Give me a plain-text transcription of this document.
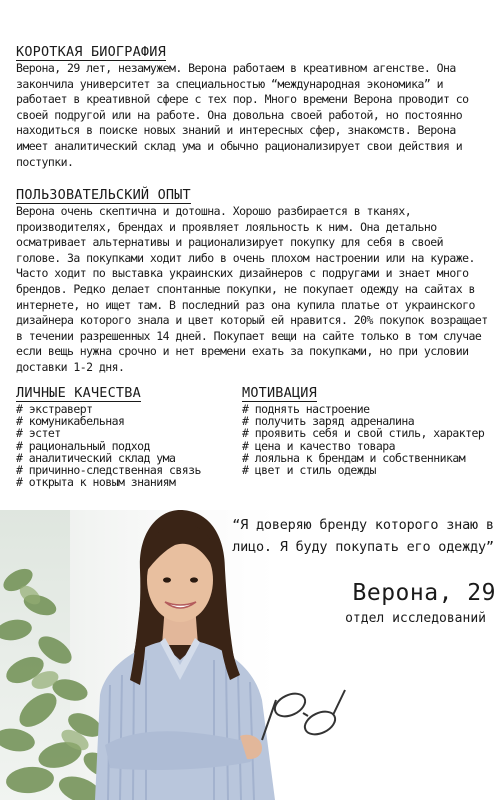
КОРОТКАЯ БИОГРАФИЯ

Верона, 29 лет, незамужем. Верона работаем в креативном агенстве. Она закончила университет за специальностью “международная экономика” и работает в креативной сфере с тех пор. Много времени Верона проводит со своей подругой или на работе. Она довольна своей работой, но постоянно находиться в поиске новых знаний и интересных сфер, знакомств. Верона имеет аналитический склад ума и обычно рационализирует свои действия и поступки.

ПОЛЬЗОВАТЕЛЬСКИЙ ОПЫТ

Верона очень скептична и дотошна. Хорошо разбирается в тканях, производителях, брендах и проявляет лояльность к ним. Она детально осматривает альтернативы и рационализирует покупку для себя в своей голове. За покупками ходит либо в очень плохом настроении или на кураже. Часто ходит по выставка украинских дизайнеров с подругами и знает много брендов. Редко делает спонтанные покупки, не покупает одежду на сайтах в интернете, но ищет там. В последний раз она купила платье от украинского дизайнера которого знала и цвет который ей нравится. 20% покупок возращает в течении разрешенных 14 дней. Покупает вещи на сайте только в том случае если вещь нужна срочно и нет времени ехать за покупками, но при условии доставки 1-2 дня.

ЛИЧНЫЕ КАЧЕСТВА
# экстраверт
# комуникабельная
# эстет
# рациональный подход
# аналитический склад ума
# причинно-следственная связь
# открыта к новым знаниям
МОТИВАЦИЯ
# поднять настроение
# получить заряд адреналина
# проявить себя и свой стиль, характер
# цена и качество товара
# лояльна к брендам и собственникам
# цвет и стиль одежды
“Я доверяю бренду которого знаю в лицо. Я буду покупать его одежду”
Верона, 29
отдел исследований
